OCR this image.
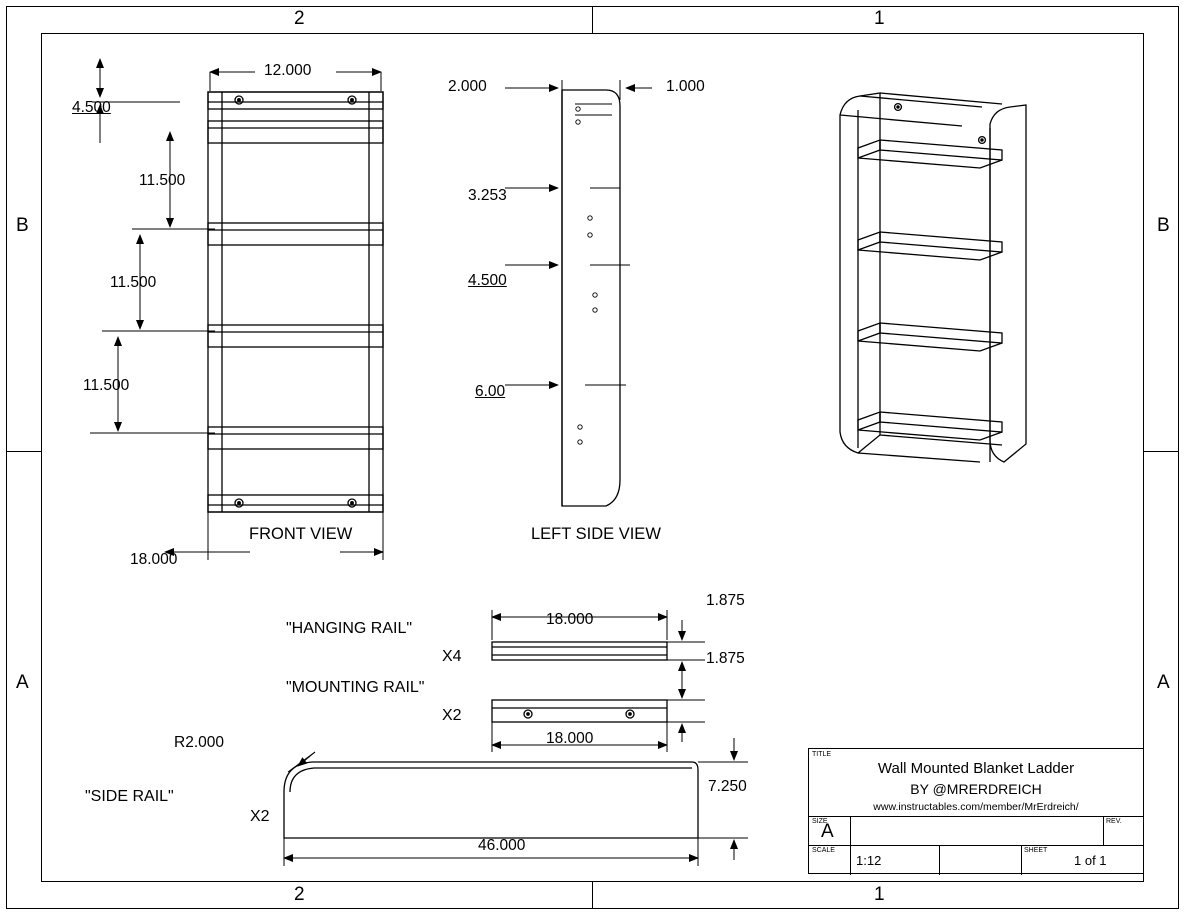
2	1
2	1
B
A
B
A
12.000
4.500
11.500
11.500
11.500
18.000
FRONT VIEW
2.000	1.000
3.253
4.500
6.00
LEFT SIDE VIEW
18.000
1.875
"HANGING RAIL"
X4	1.875
18.000
"MOUNTING RAIL"
X2
R2.000
7.250
46.000
"SIDE RAIL"
X2
TITLE
Wall Mounted Blanket Ladder
BY @MRERDREICH
www.instructables.com/member/MrErdreich/
SIZE
A	REV.
SCALE
1:12
SHEET
1 of 1
